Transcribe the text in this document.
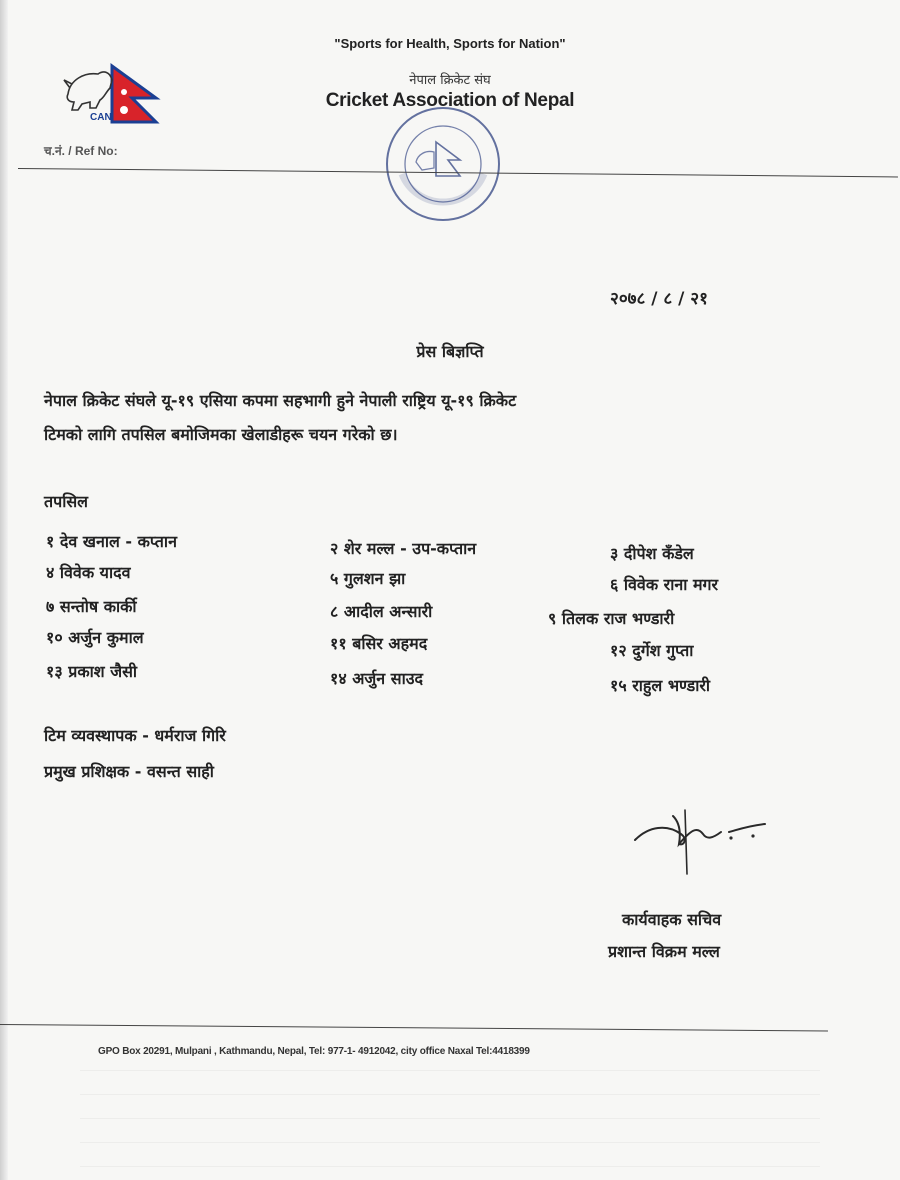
"Sports for Health, Sports for Nation"
नेपाल क्रिकेट संघ
Cricket Association of Nepal
CAN
च.नं. / Ref No:
२०७८ / ८ / २१
प्रेस बिज्ञप्ति
नेपाल क्रिकेट संघले यू-१९ एसिया कपमा सहभागी हुने नेपाली राष्ट्रिय यू-१९ क्रिकेट
टिमको लागि तपसिल बमोजिमका खेलाडीहरू चयन गरेको छ।
तपसिल
१ देव खनाल - कप्तान	२ शेर मल्ल - उप-कप्तान	३ दीपेश कँडेल
४ विवेक यादव	५ गुलशन झा	६ विवेक राना मगर
७ सन्तोष कार्की	८ आदील अन्सारी	९ तिलक राज भण्डारी
१० अर्जुन कुमाल	११ बसिर अहमद	१२ दुर्गेश गुप्ता
१३ प्रकाश जैसी	१४ अर्जुन साउद	१५ राहुल भण्डारी
टिम व्यवस्थापक - धर्मराज गिरि
प्रमुख प्रशिक्षक - वसन्त साही
कार्यवाहक सचिव
प्रशान्त विक्रम मल्ल
GPO Box 20291, Mulpani , Kathmandu, Nepal, Tel: 977-1- 4912042, city office Naxal Tel:4418399
